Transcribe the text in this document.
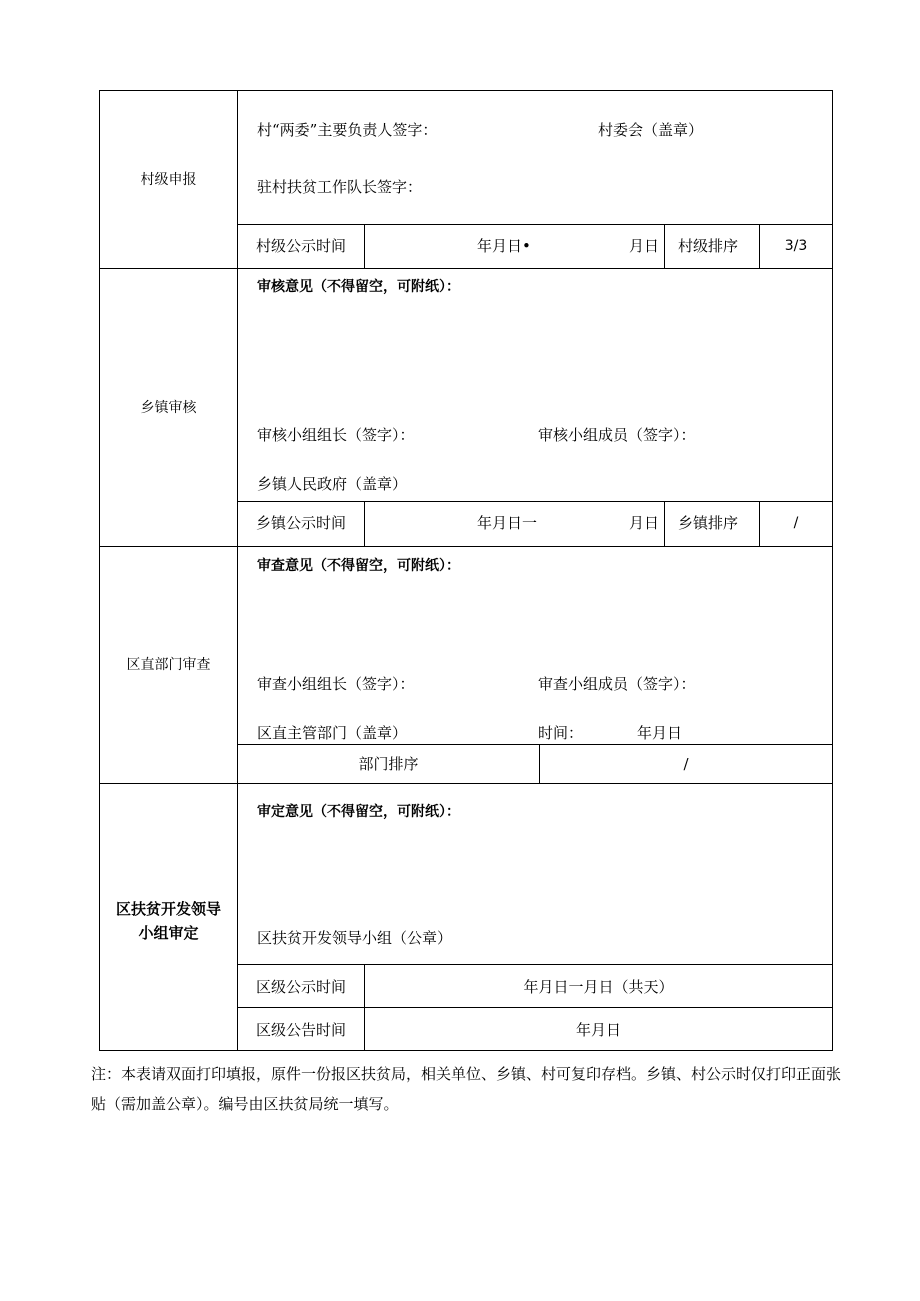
村级申报
村“两委”主要负责人签字：	村委会（盖章）
驻村扶贫工作队长签字：
村级公示时间	年月日•	月日 村级排序	3/3
乡镇审核
审核意见（不得留空，可附纸）：
审核小组组长（签字）：	审核小组成员（签字）：
乡镇人民政府（盖章）
乡镇公示时间	年月日一	月日 乡镇排序	/
区直部门审查
审查意见（不得留空，可附纸）：
审查小组组长（签字）：	审查小组成员（签字）：
区直主管部门（盖章）	时间：	年月日
部门排序	/
区扶贫开发领导
小组审定
审定意见（不得留空，可附纸）：
区扶贫开发领导小组（公章）
区级公示时间	年月日一月日（共天）
区级公告时间	年月日
注：本表请双面打印填报，原件一份报区扶贫局，相关单位、乡镇、村可复印存档。乡镇、村公示时仅打印正面张贴（需加盖公章）。编号由区扶贫局统一填写。
